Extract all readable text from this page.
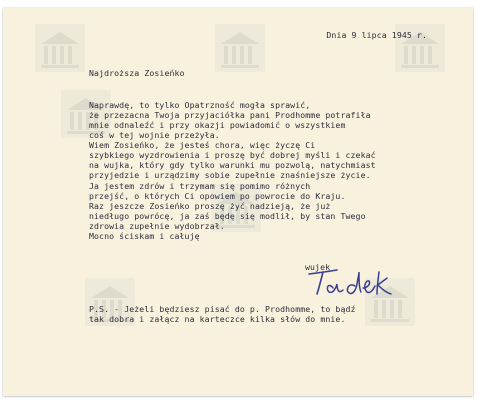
Dnia 9 lipca 1945 r.
Najdroższa Zosieńko
Naprawdę, to tylko Opatrzność mogła sprawić,
że przezacna Twoja przyjaciółka pani Prodhomme potrafiła
mnie odnaleźć i przy okazji powiadomić o wszystkiem
coś w tej wojnie przeżyła.
Wiem Zosieńko, że jesteś chora, więc życzę Ci
szybkiego wyzdrowienia i proszę być dobrej myśli i czekać
na wujka, który gdy tylko warunki mu pozwolą, natychmiast
przyjedzie i urządzimy sobie zupełnie znaśniejsze życie.
Ja jestem zdrów i trzymam się pomimo różnych
przejść, o których Ci opowiem po powrocie do Kraju.
Raz jeszcze Zosieńko proszę żyć nadzieją, że już
niedługo powrócę, ja zaś będę się modlił, by stan Twego
zdrowia zupełnie wydobrzał.
Mocno ściskam i całuję
wujek
P.S. - Jeżeli będziesz pisać do p. Prodhomme, to bądź
tak dobra i załącz na karteczce kilka słów do mnie.
